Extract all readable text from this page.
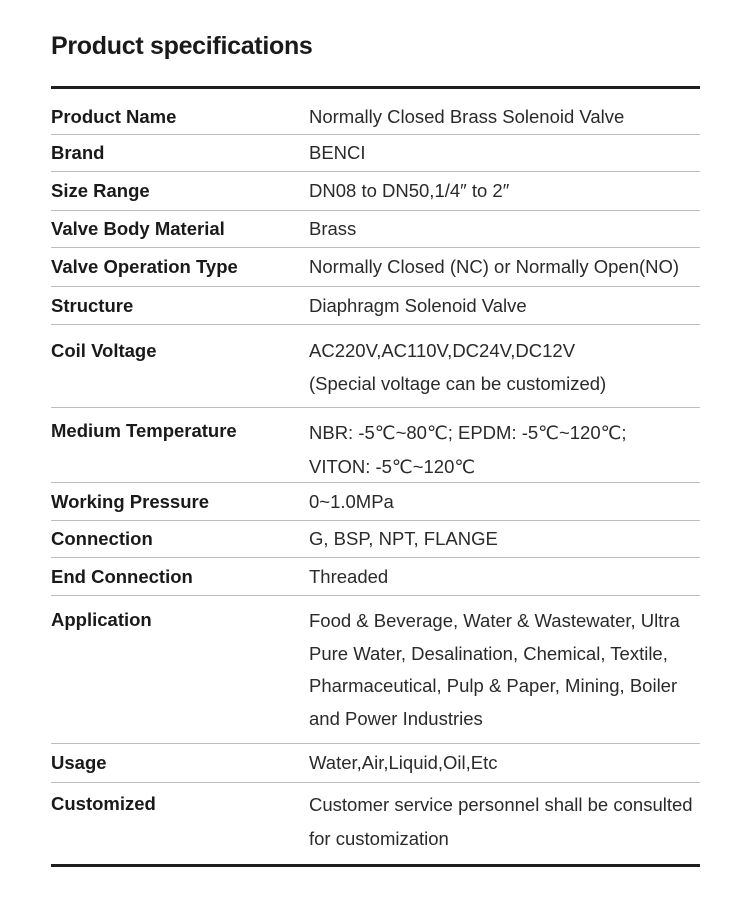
Product specifications
Product Name	Normally Closed Brass Solenoid Valve
Brand	BENCI
Size Range	DN08 to DN50,1/4″ to 2″
Valve Body Material	Brass
Valve Operation Type	Normally Closed (NC) or Normally Open(NO)
Structure	Diaphragm Solenoid Valve
Coil Voltage	AC220V,AC110V,DC24V,DC12V
(Special voltage can be customized)
Medium Temperature	NBR: -5℃~80℃; EPDM: -5℃~120℃;
VITON: -5℃~120℃
Working Pressure	0~1.0MPa
Connection	G, BSP, NPT, FLANGE
End Connection	Threaded
Application	Food & Beverage, Water & Wastewater, Ultra
Pure Water, Desalination, Chemical, Textile,
Pharmaceutical, Pulp & Paper, Mining, Boiler
and Power Industries
Usage	Water,Air,Liquid,Oil,Etc
Customized	Customer service personnel shall be consulted
for customization
